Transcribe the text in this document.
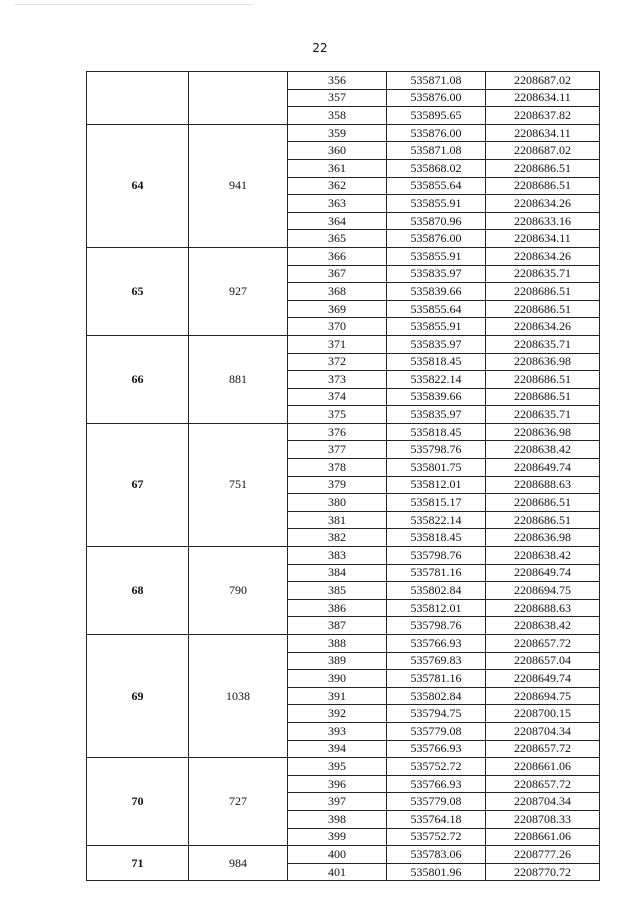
22
		356	535871.08	2208687.02
		357	535876.00	2208634.11
		358	535895.65	2208637.82
64	941	359	535876.00	2208634.11
		360	535871.08	2208687.02
		361	535868.02	2208686.51
		362	535855.64	2208686.51
		363	535855.91	2208634.26
		364	535870.96	2208633.16
		365	535876.00	2208634.11
65	927	366	535855.91	2208634.26
		367	535835.97	2208635.71
		368	535839.66	2208686.51
		369	535855.64	2208686.51
		370	535855.91	2208634.26
66	881	371	535835.97	2208635.71
		372	535818.45	2208636.98
		373	535822.14	2208686.51
		374	535839.66	2208686.51
		375	535835.97	2208635.71
67	751	376	535818.45	2208636.98
		377	535798.76	2208638.42
		378	535801.75	2208649.74
		379	535812.01	2208688.63
		380	535815.17	2208686.51
		381	535822.14	2208686.51
		382	535818.45	2208636.98
68	790	383	535798.76	2208638.42
		384	535781.16	2208649.74
		385	535802.84	2208694.75
		386	535812.01	2208688.63
		387	535798.76	2208638.42
69	1038	388	535766.93	2208657.72
		389	535769.83	2208657.04
		390	535781.16	2208649.74
		391	535802.84	2208694.75
		392	535794.75	2208700.15
		393	535779.08	2208704.34
		394	535766.93	2208657.72
70	727	395	535752.72	2208661.06
		396	535766.93	2208657.72
		397	535779.08	2208704.34
		398	535764.18	2208708.33
		399	535752.72	2208661.06
71	984	400	535783.06	2208777.26
		401	535801.96	2208770.72
